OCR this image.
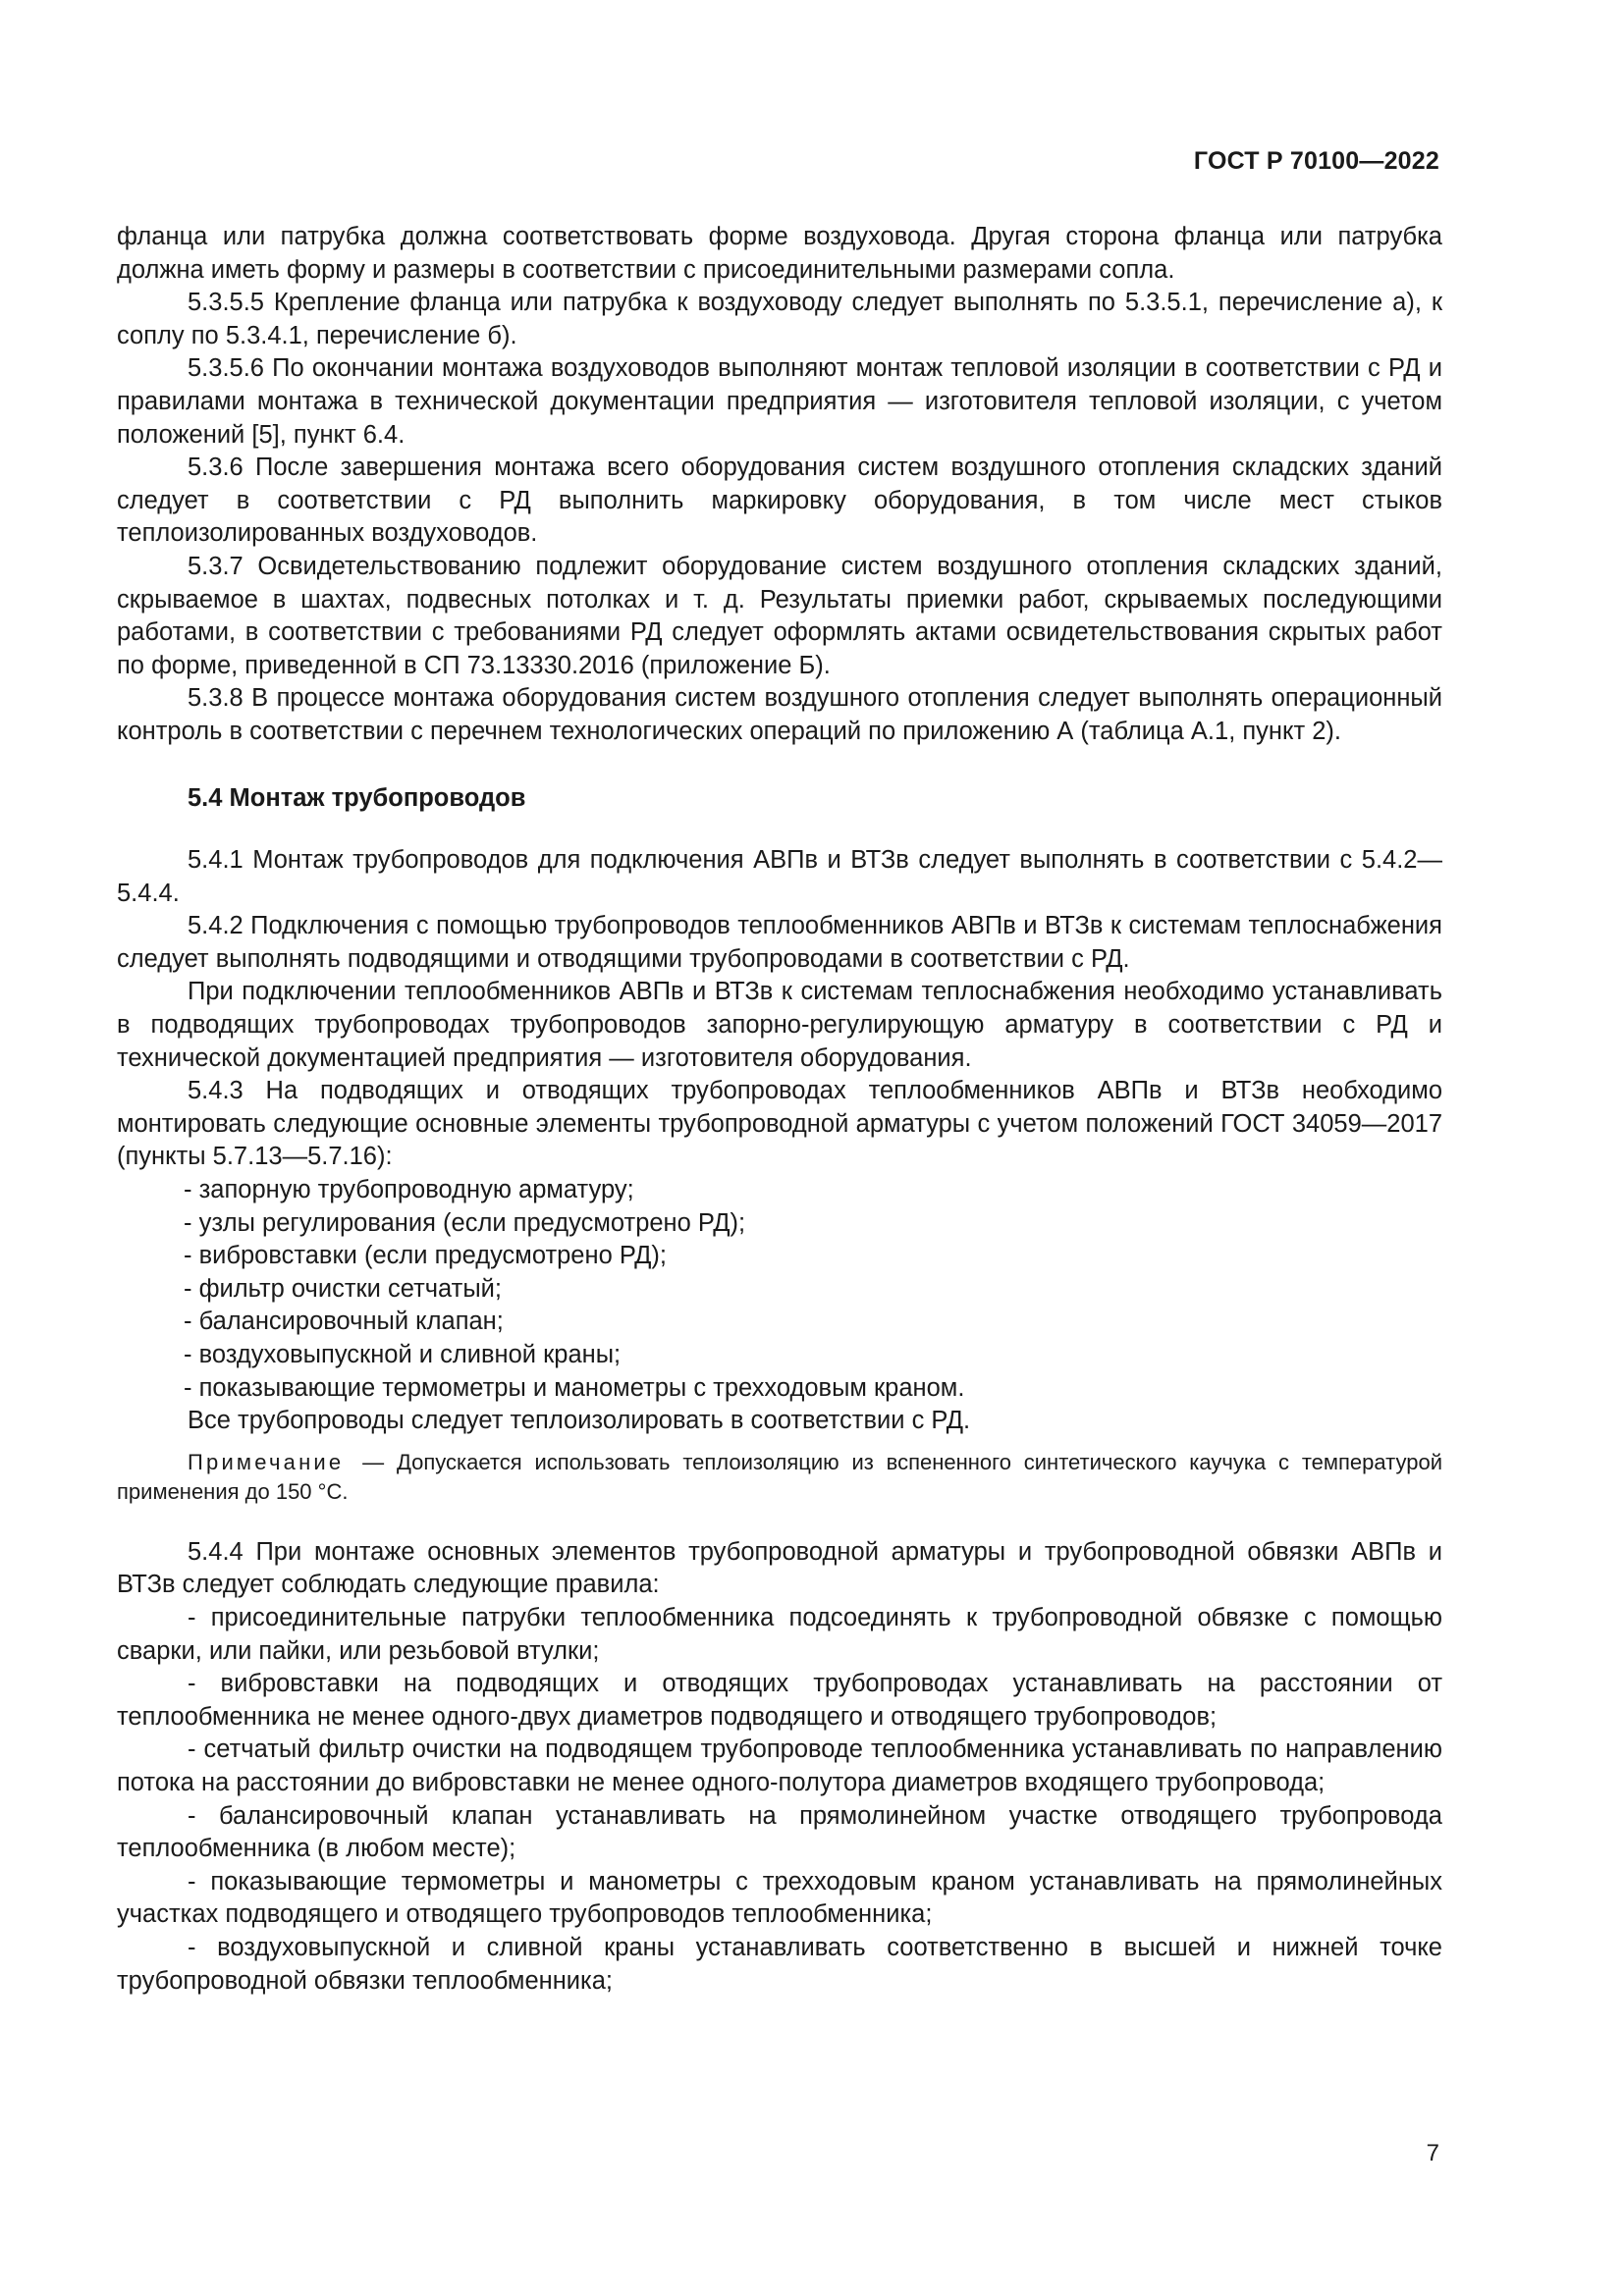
ГОСТ Р 70100—2022

фланца или патрубка должна соответствовать форме воздуховода. Другая сторона фланца или патрубка должна иметь форму и размеры в соответствии с присоединительными размерами сопла.

5.3.5.5 Крепление фланца или патрубка к воздуховоду следует выполнять по 5.3.5.1, перечисление а), к соплу по 5.3.4.1, перечисление б).

5.3.5.6 По окончании монтажа воздуховодов выполняют монтаж тепловой изоляции в соответствии с РД и правилами монтажа в технической документации предприятия — изготовителя тепловой изоляции, с учетом положений [5], пункт 6.4.

5.3.6 После завершения монтажа всего оборудования систем воздушного отопления складских зданий следует в соответствии с РД выполнить маркировку оборудования, в том числе мест стыков теплоизолированных воздуховодов.

5.3.7 Освидетельствованию подлежит оборудование систем воздушного отопления складских зданий, скрываемое в шахтах, подвесных потолках и т. д. Результаты приемки работ, скрываемых последующими работами, в соответствии с требованиями РД следует оформлять актами освидетельствования скрытых работ по форме, приведенной в СП 73.13330.2016 (приложение Б).

5.3.8 В процессе монтажа оборудования систем воздушного отопления следует выполнять операционный контроль в соответствии с перечнем технологических операций по приложению А (таблица А.1, пункт 2).

5.4 Монтаж трубопроводов

5.4.1 Монтаж трубопроводов для подключения АВПв и ВТЗв следует выполнять в соответствии с 5.4.2—5.4.4.

5.4.2 Подключения с помощью трубопроводов теплообменников АВПв и ВТЗв к системам теплоснабжения следует выполнять подводящими и отводящими трубопроводами в соответствии с РД.

При подключении теплообменников АВПв и ВТЗв к системам теплоснабжения необходимо устанавливать в подводящих трубопроводах трубопроводов запорно-регулирующую арматуру в соответствии с РД и технической документацией предприятия — изготовителя оборудования.

5.4.3 На подводящих и отводящих трубопроводах теплообменников АВПв и ВТЗв необходимо монтировать следующие основные элементы трубопроводной арматуры с учетом положений ГОСТ 34059—2017 (пункты 5.7.13—5.7.16):

- запорную трубопроводную арматуру;

- узлы регулирования (если предусмотрено РД);

- вибровставки (если предусмотрено РД);

- фильтр очистки сетчатый;

- балансировочный клапан;

- воздуховыпускной и сливной краны;

- показывающие термометры и манометры с трехходовым краном.

Все трубопроводы следует теплоизолировать в соответствии с РД.

Примечание — Допускается использовать теплоизоляцию из вспененного синтетического каучука с температурой применения до 150 °C.

5.4.4 При монтаже основных элементов трубопроводной арматуры и трубопроводной обвязки АВПв и ВТЗв следует соблюдать следующие правила:

- присоединительные патрубки теплообменника подсоединять к трубопроводной обвязке с помощью сварки, или пайки, или резьбовой втулки;

- вибровставки на подводящих и отводящих трубопроводах устанавливать на расстоянии от теплообменника не менее одного-двух диаметров подводящего и отводящего трубопроводов;

- сетчатый фильтр очистки на подводящем трубопроводе теплообменника устанавливать по направлению потока на расстоянии до вибровставки не менее одного-полутора диаметров входящего трубопровода;

- балансировочный клапан устанавливать на прямолинейном участке отводящего трубопровода теплообменника (в любом месте);

- показывающие термометры и манометры с трехходовым краном устанавливать на прямолинейных участках подводящего и отводящего трубопроводов теплообменника;

- воздуховыпускной и сливной краны устанавливать соответственно в высшей и нижней точке трубопроводной обвязки теплообменника;

7
